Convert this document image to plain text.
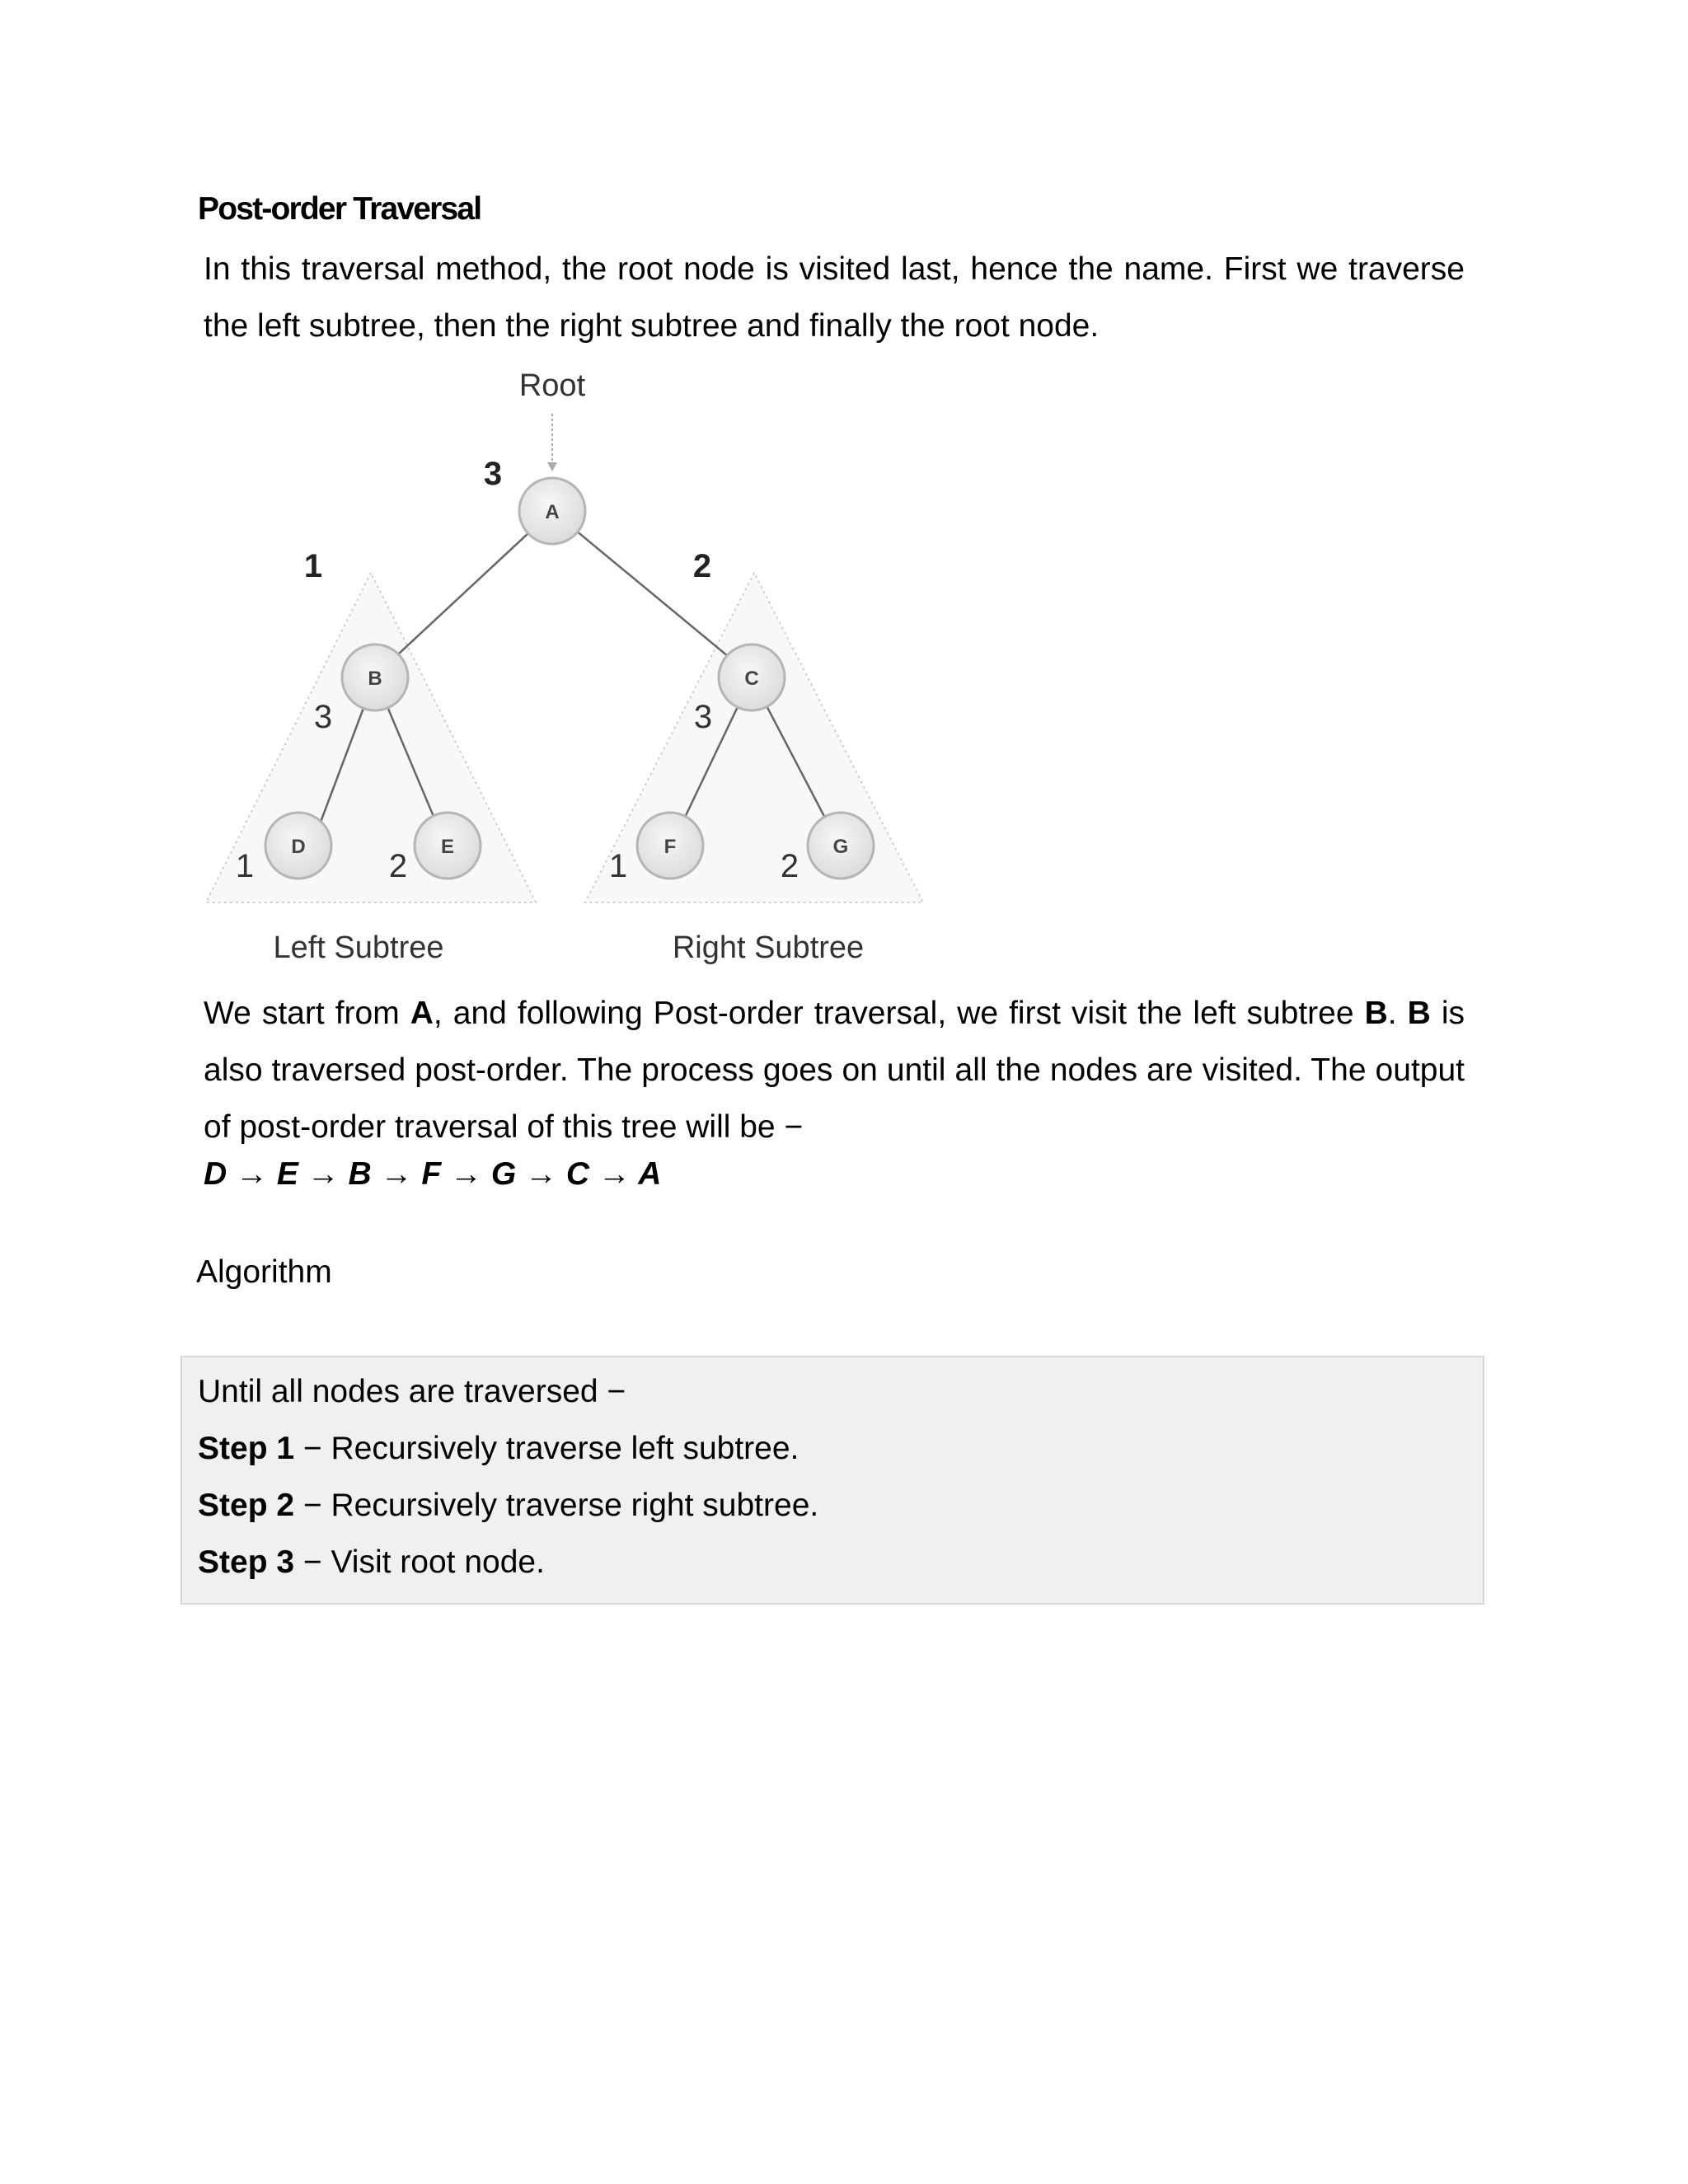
Post-order Traversal

In this traversal method, the root node is visited last, hence the name. First we traverse the left subtree, then the right subtree and finally the root node.

Root
A
B	C
D	E	F	G
3
1	2
3
1	2
3
1	2
Left Subtree	Right Subtree

We start from A, and following Post-order traversal, we first visit the left subtree B. B is also traversed post-order. The process goes on until all the nodes are visited. The output of post-order traversal of this tree will be −

D → E → B → F → G → C → A

Algorithm

Until all nodes are traversed −

Step 1 − Recursively traverse left subtree.

Step 2 − Recursively traverse right subtree.

Step 3 − Visit root node.
